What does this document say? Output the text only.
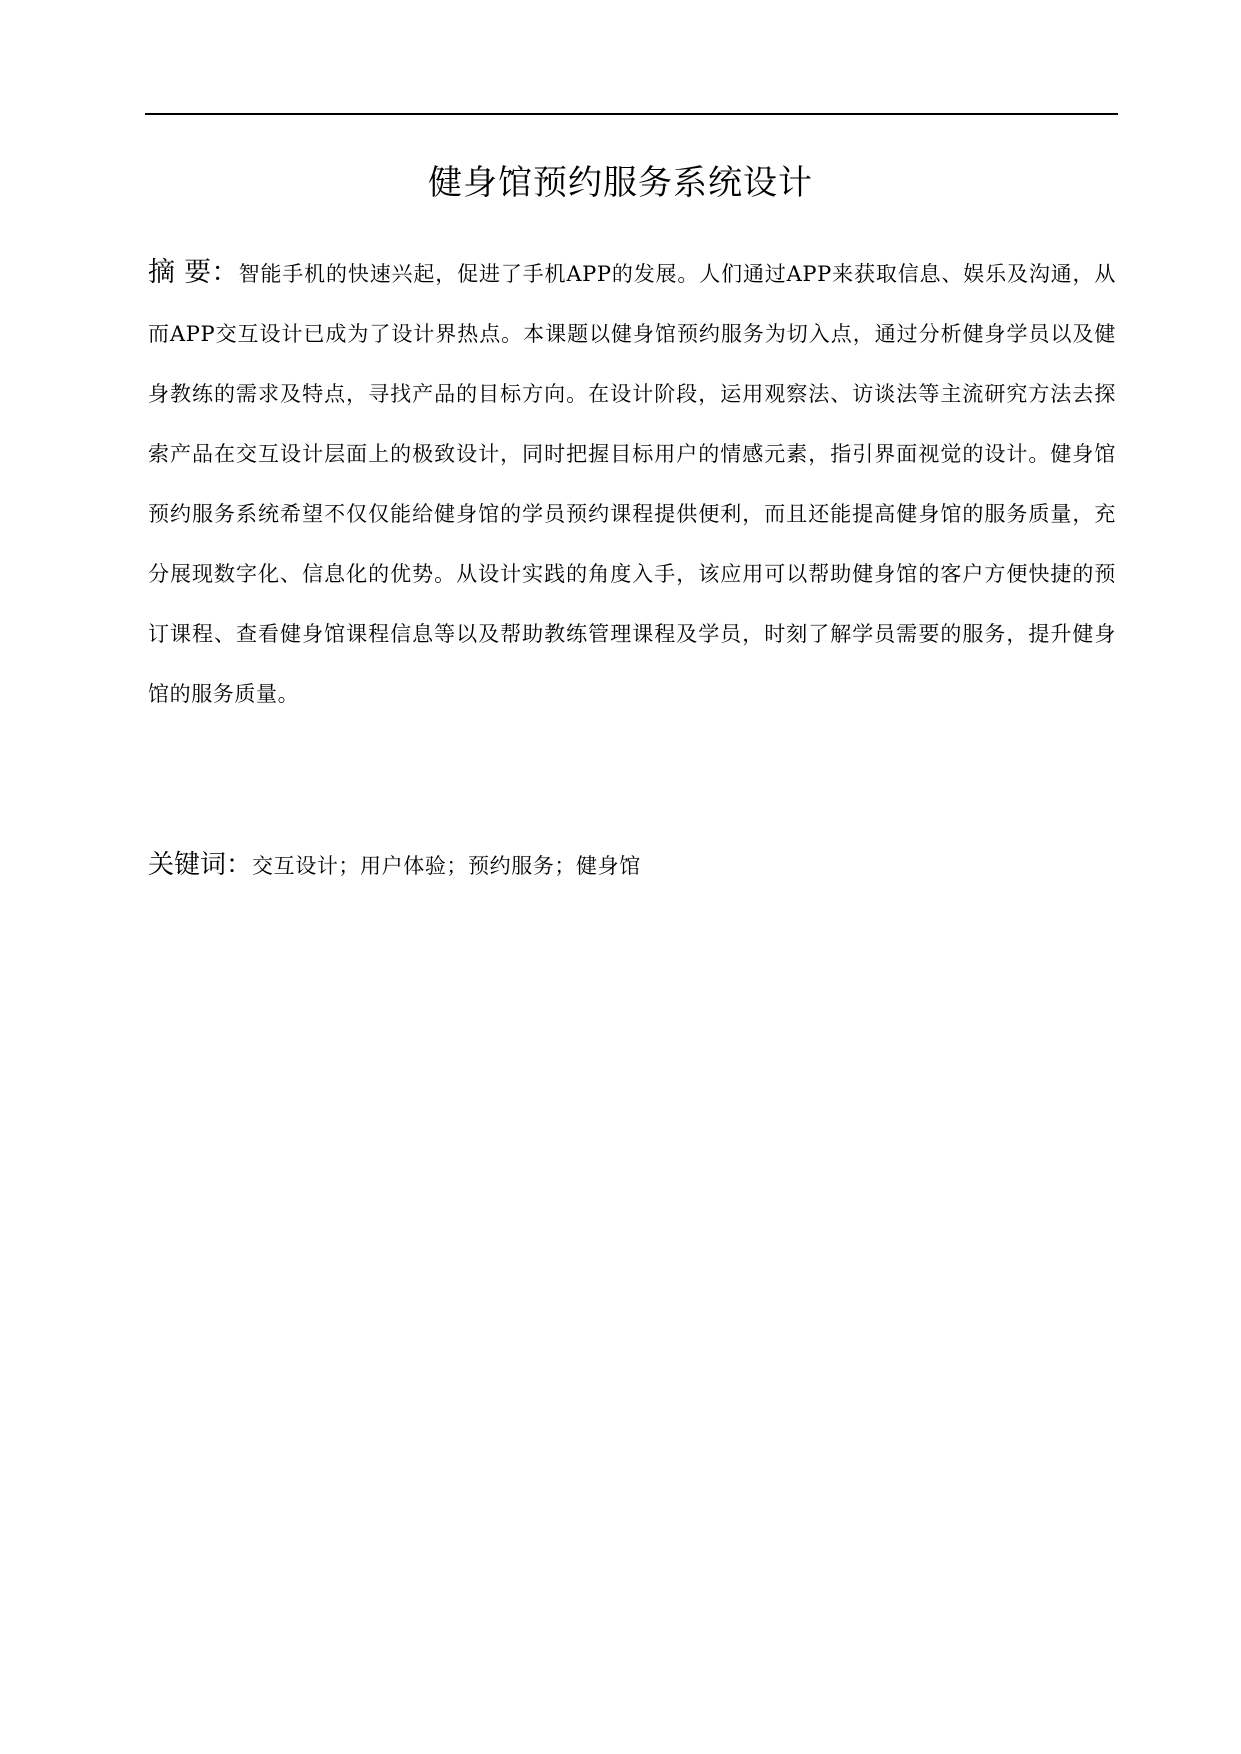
健身馆预约服务系统设计
摘 要：智能手机的快速兴起，促进了手机APP的发展。人们通过APP来获取信息、娱乐及沟通，从而APP交互设计已成为了设计界热点。本课题以健身馆预约服务为切入点，通过分析健身学员以及健身教练的需求及特点，寻找产品的目标方向。在设计阶段，运用观察法、访谈法等主流研究方法去探索产品在交互设计层面上的极致设计，同时把握目标用户的情感元素，指引界面视觉的设计。健身馆预约服务系统希望不仅仅能给健身馆的学员预约课程提供便利，而且还能提高健身馆的服务质量，充分展现数字化、信息化的优势。从设计实践的角度入手，该应用可以帮助健身馆的客户方便快捷的预订课程、查看健身馆课程信息等以及帮助教练管理课程及学员，时刻了解学员需要的服务，提升健身馆的服务质量。
关键词：交互设计；用户体验；预约服务；健身馆
